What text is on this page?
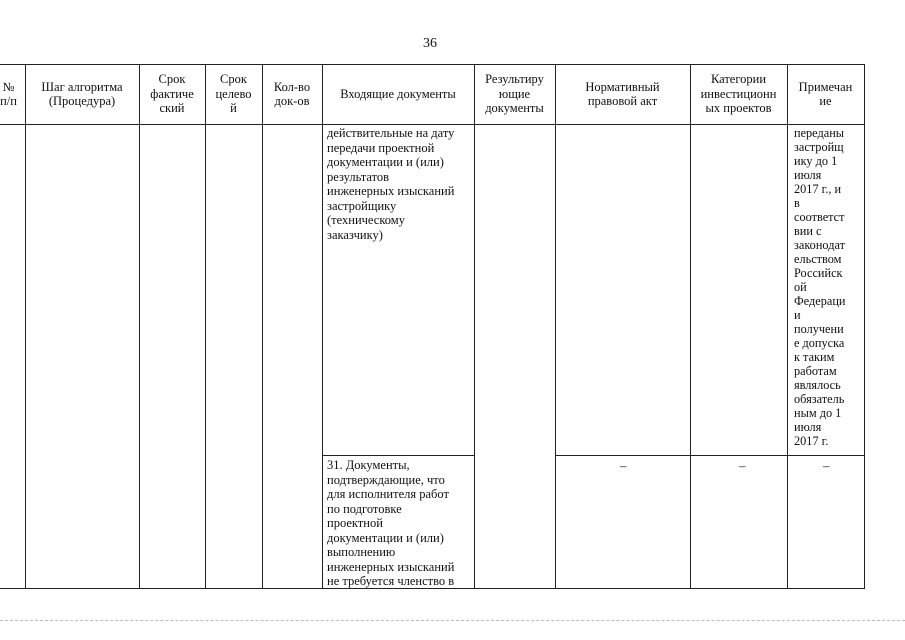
36
№
п/п
Шаг алгоритма
(Процедура)
Срок
фактиче
ский
Срок
целево
й
Кол-во
док-ов
Входящие документы
Результиру
ющие
документы
Нормативный
правовой акт
Категории
инвестиционн
ых проектов
Примечан
ие
действительные на дату
передачи проектной
документации и (или)
результатов
инженерных изысканий
застройщику
(техническому
заказчику)
переданы
застройщ
ику до 1
июля
2017 г., и
в
соответст
вии с
законодат
ельством
Российск
ой
Федераци
и
получени
е допуска
к таким
работам
являлось
обязатель
ным до 1
июля
2017 г.
31. Документы,
подтверждающие, что
для исполнителя работ
по подготовке
проектной
документации и (или)
выполнению
инженерных изысканий
не требуется членство в
–	–	–
